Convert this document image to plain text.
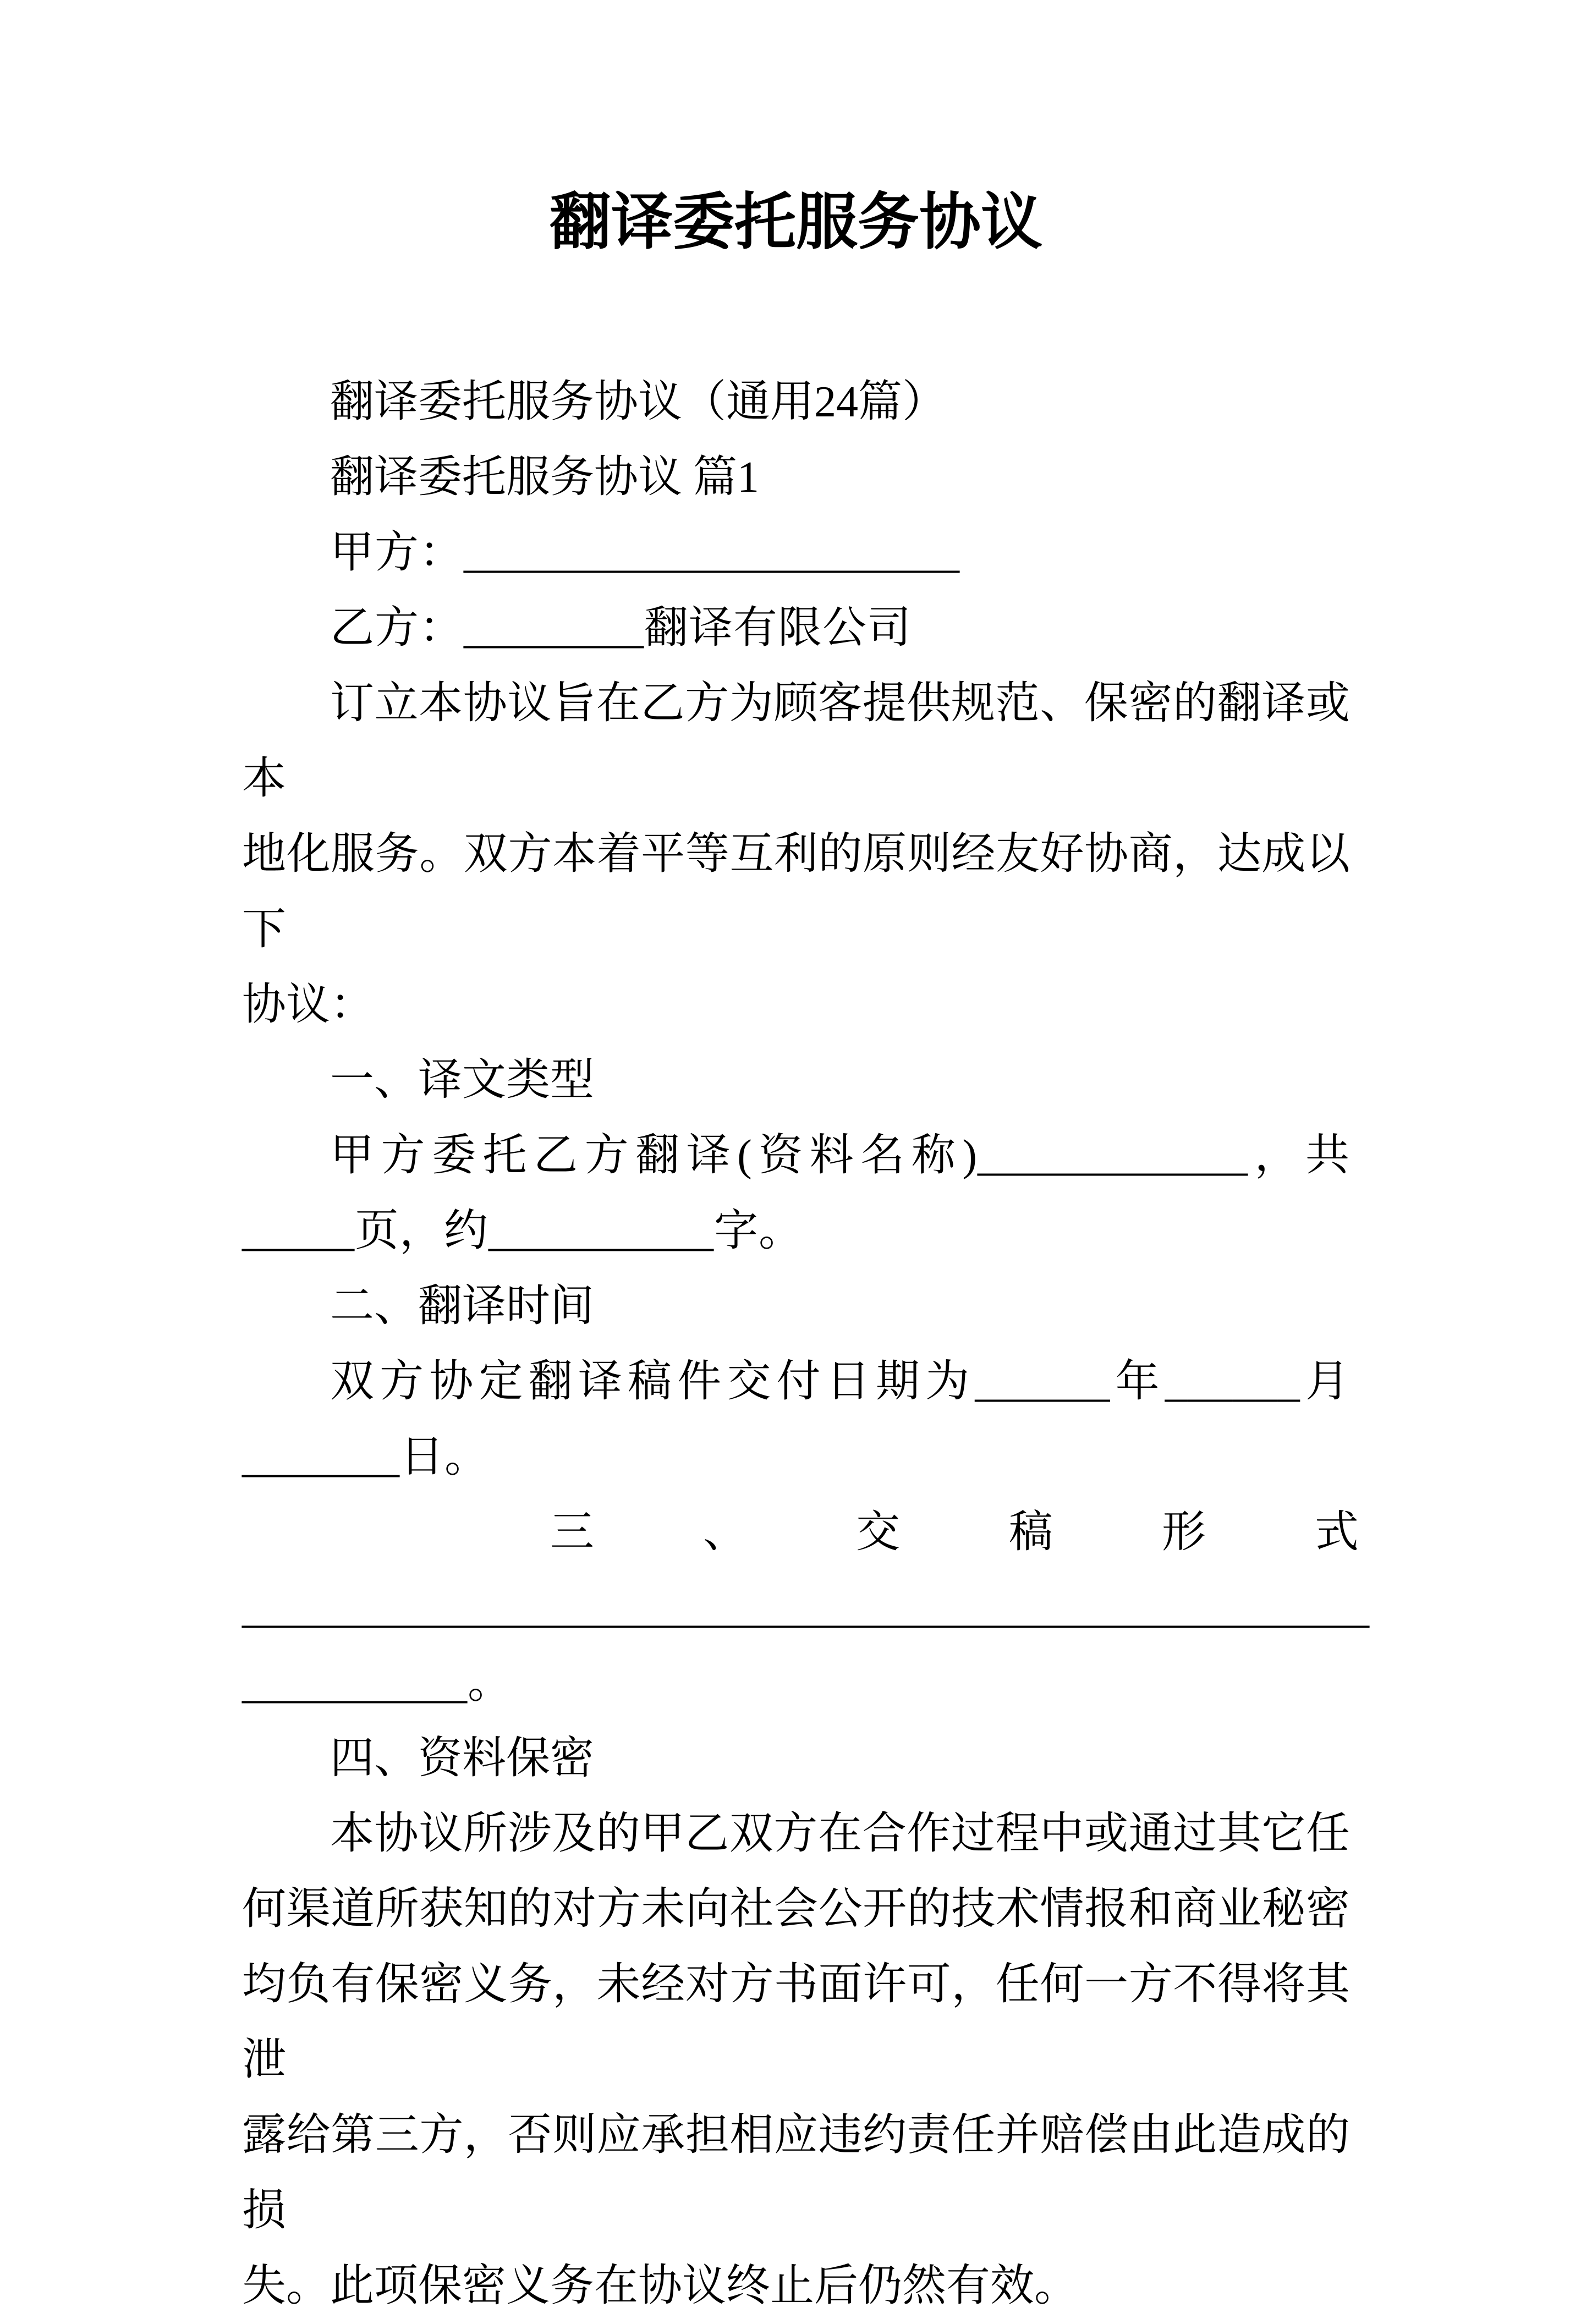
翻译委托服务协议
翻译委托服务协议（通用24篇）
翻译委托服务协议 篇1
甲方：______________________
乙方：________翻译有限公司
订立本协议旨在乙方为顾客提供规范、保密的翻译或本
地化服务。双方本着平等互利的原则经友好协商，达成以下
协议：
一、译文类型
甲方委托乙方翻译(资料名称)____________，共
_____页，约__________字。
二、翻译时间
双方协定翻译稿件交付日期为______年______月
_______日。
三、交稿形式
__________________________________________________
__________。
四、资料保密
本协议所涉及的甲乙双方在合作过程中或通过其它任
何渠道所获知的对方未向社会公开的技术情报和商业秘密
均负有保密义务，未经对方书面许可，任何一方不得将其泄
露给第三方，否则应承担相应违约责任并赔偿由此造成的损
失。此项保密义务在协议终止后仍然有效。
